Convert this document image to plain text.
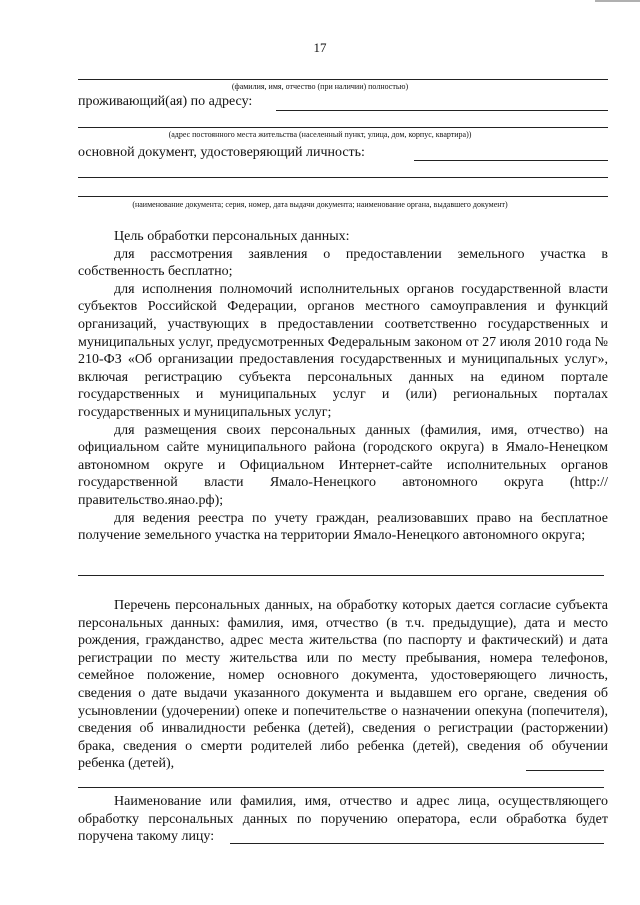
17
(фамилия, имя, отчество (при наличии) полностью)
проживающий(ая) по адресу:
(адрес постоянного места жительства (населенный пункт, улица, дом, корпус, квартира))
основной документ, удостоверяющий личность:
(наименование документа; серия, номер, дата выдачи документа; наименование органа, выдавшего документ)

Цель обработки персональных данных:

для рассмотрения заявления о предоставлении земельного участка в собственность бесплатно;

для исполнения полномочий исполнительных органов государственной власти субъектов Российской Федерации, органов местного самоуправления и функций организаций, участвующих в предоставлении соответственно государственных и муниципальных услуг, предусмотренных Федеральным законом от 27 июля 2010 года № 210-ФЗ «Об организации предоставления государственных и муниципальных услуг», включая регистрацию субъекта персональных данных на едином портале государственных и муниципальных услуг и (или) региональных порталах государственных и муниципальных услуг;

для размещения своих персональных данных (фамилия, имя, отчество) на официальном сайте муниципального района (городского округа) в Ямало-Ненецком автономном округе и Официальном Интернет-сайте исполнительных органов государственной власти Ямало-Ненецкого автономного округа (http://правительство.янао.рф);

для ведения реестра по учету граждан, реализовавших право на бесплатное получение земельного участка на территории Ямало-Ненецкого автономного округа;

Перечень персональных данных, на обработку которых дается согласие субъекта персональных данных: фамилия, имя, отчество (в т.ч. предыдущие), дата и место рождения, гражданство, адрес места жительства (по паспорту и фактический) и дата регистрации по месту жительства или по месту пребывания, номера телефонов, семейное положение, номер основного документа, удостоверяющего личность, сведения о дате выдачи указанного документа и выдавшем его органе, сведения об усыновлении (удочерении) опеке и попечительстве о назначении опекуна (попечителя), сведения об инвалидности ребенка (детей), сведения о регистрации (расторжении) брака, сведения о смерти родителей либо ребенка (детей), сведения об обучении ребенка (детей),

Наименование или фамилия, имя, отчество и адрес лица, осуществляющего обработку персональных данных по поручению оператора, если обработка будет поручена такому лицу:
